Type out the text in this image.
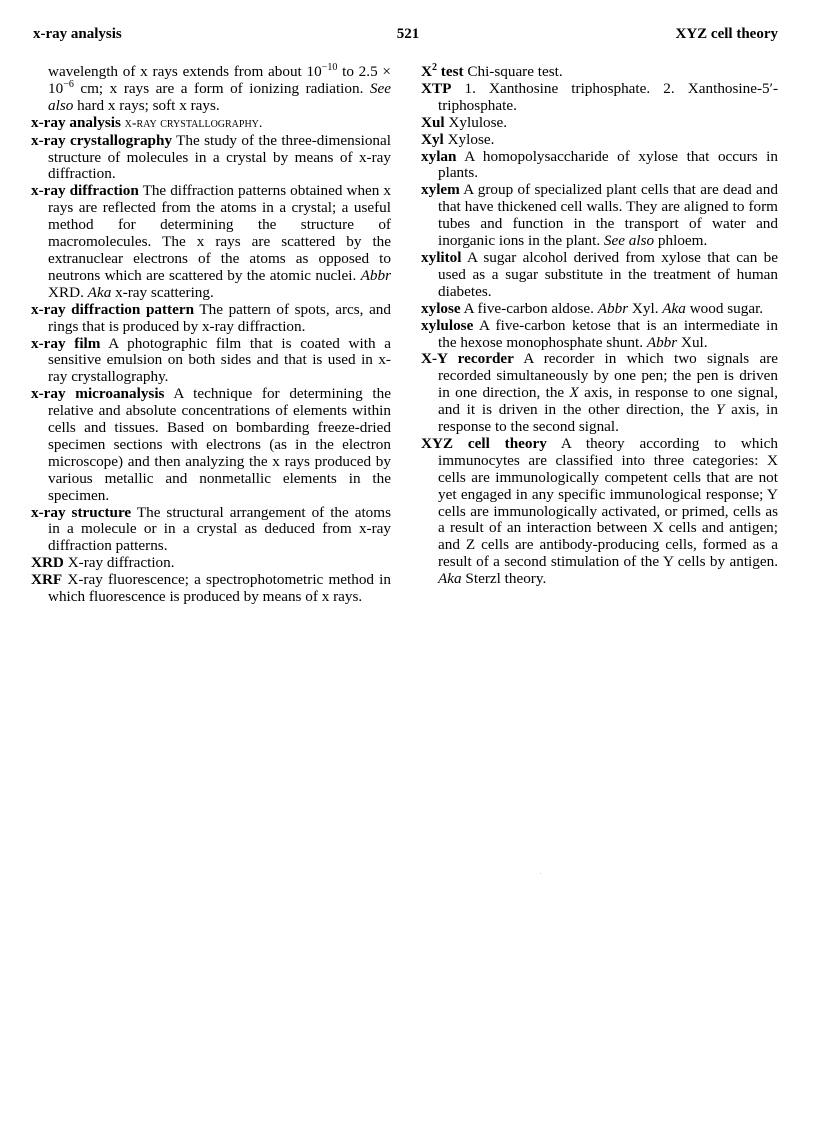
x-ray analysis	521	XYZ cell theory

wavelength of x rays extends from about $10^{-10}$ to $2.5 \times 10^{-6}$ cm; x rays are a form of ionizing radiation. See also hard x rays; soft x rays.

x-ray analysis x-ray crystallography.

x-ray crystallography The study of the three-dimensional structure of molecules in a crystal by means of x-ray diffraction.

x-ray diffraction The diffraction patterns obtained when x rays are reflected from the atoms in a crystal; a useful method for determining the structure of macromolecules. The x rays are scattered by the extranuclear electrons of the atoms as opposed to neutrons which are scattered by the atomic nuclei. Abbr XRD. Aka x-ray scattering.

x-ray diffraction pattern The pattern of spots, arcs, and rings that is produced by x-ray diffraction.

x-ray film A photographic film that is coated with a sensitive emulsion on both sides and that is used in x-ray crystallography.

x-ray microanalysis A technique for determining the relative and absolute concentrations of elements within cells and tissues. Based on bombarding freeze-dried specimen sections with electrons (as in the electron microscope) and then analyzing the x rays produced by various metallic and nonmetallic elements in the specimen.

x-ray structure The structural arrangement of the atoms in a molecule or in a crystal as deduced from x-ray diffraction patterns.

XRD X-ray diffraction.

XRF X-ray fluorescence; a spectrophotometric method in which fluorescence is produced by means of x rays.

$X^2$ test Chi-square test.

XTP 1. Xanthosine triphosphate. 2. Xanthosine-5′-triphosphate.

Xul Xylulose.

Xyl Xylose.

xylan A homopolysaccharide of xylose that occurs in plants.

xylem A group of specialized plant cells that are dead and that have thickened cell walls. They are aligned to form tubes and function in the transport of water and inorganic ions in the plant. See also phloem.

xylitol A sugar alcohol derived from xylose that can be used as a sugar substitute in the treatment of human diabetes.

xylose A five-carbon aldose. Abbr Xyl. Aka wood sugar.

xylulose A five-carbon ketose that is an intermediate in the hexose monophosphate shunt. Abbr Xul.

X-Y recorder A recorder in which two signals are recorded simultaneously by one pen; the pen is driven in one direction, the X axis, in response to one signal, and it is driven in the other direction, the Y axis, in response to the second signal.

XYZ cell theory A theory according to which immunocytes are classified into three categories: X cells are immunologically competent cells that are not yet engaged in any specific immunological response; Y cells are immunologically activated, or primed, cells as a result of an interaction between X cells and antigen; and Z cells are antibody-producing cells, formed as a result of a second stimulation of the Y cells by antigen. Aka Sterzl theory.
